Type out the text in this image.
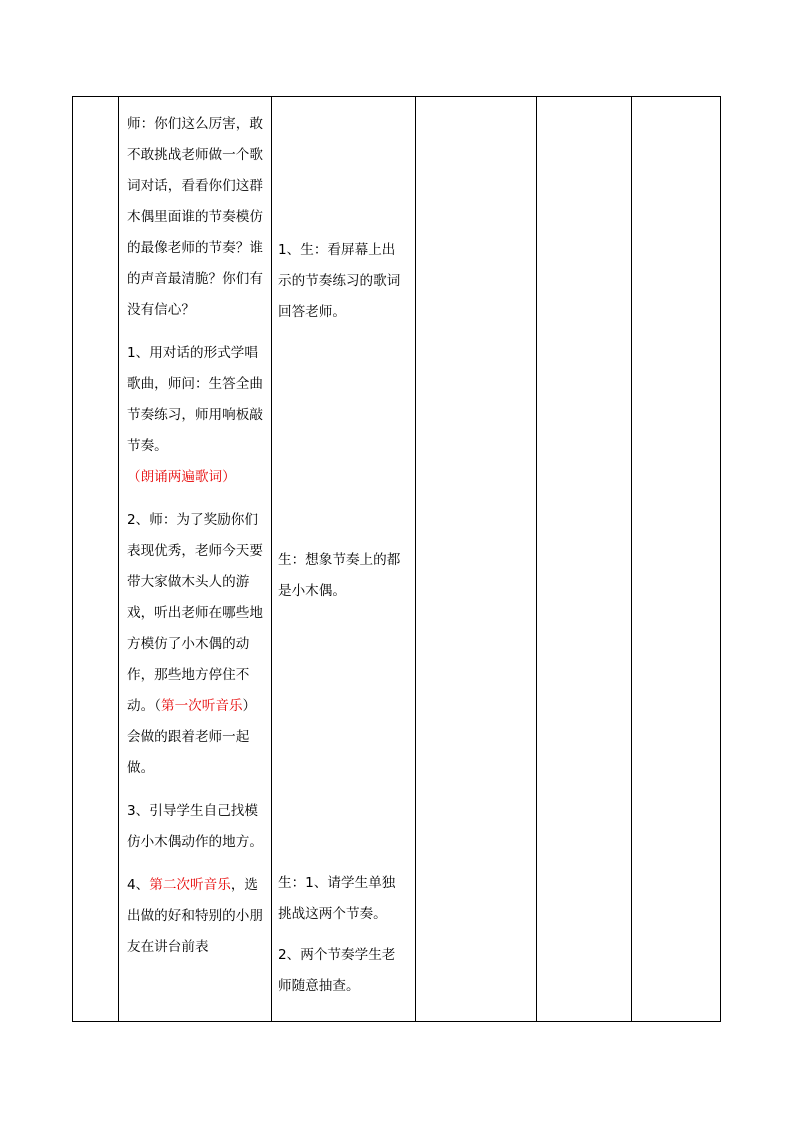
师：你们这么厉害，敢不敢挑战老师做一个歌词对话，看看你们这群木偶里面谁的节奏模仿的最像老师的节奏？谁的声音最清脆？你们有没有信心？

1、用对话的形式学唱歌曲，师问：生答全曲节奏练习，师用响板敲节奏。（朗诵两遍歌词）

2、师：为了奖励你们表现优秀，老师今天要带大家做木头人的游戏，听出老师在哪些地方模仿了小木偶的动作，那些地方停住不动。（第一次听音乐）会做的跟着老师一起做。

3、引导学生自己找模仿小木偶动作的地方。

4、第二次听音乐，选出做的好和特别的小朋友在讲台前表

1、生：看屏幕上出示的节奏练习的歌词回答老师。

生：想象节奏上的都是小木偶。

生：1、请学生单独挑战这两个节奏。

2、两个节奏学生老师随意抽查。
